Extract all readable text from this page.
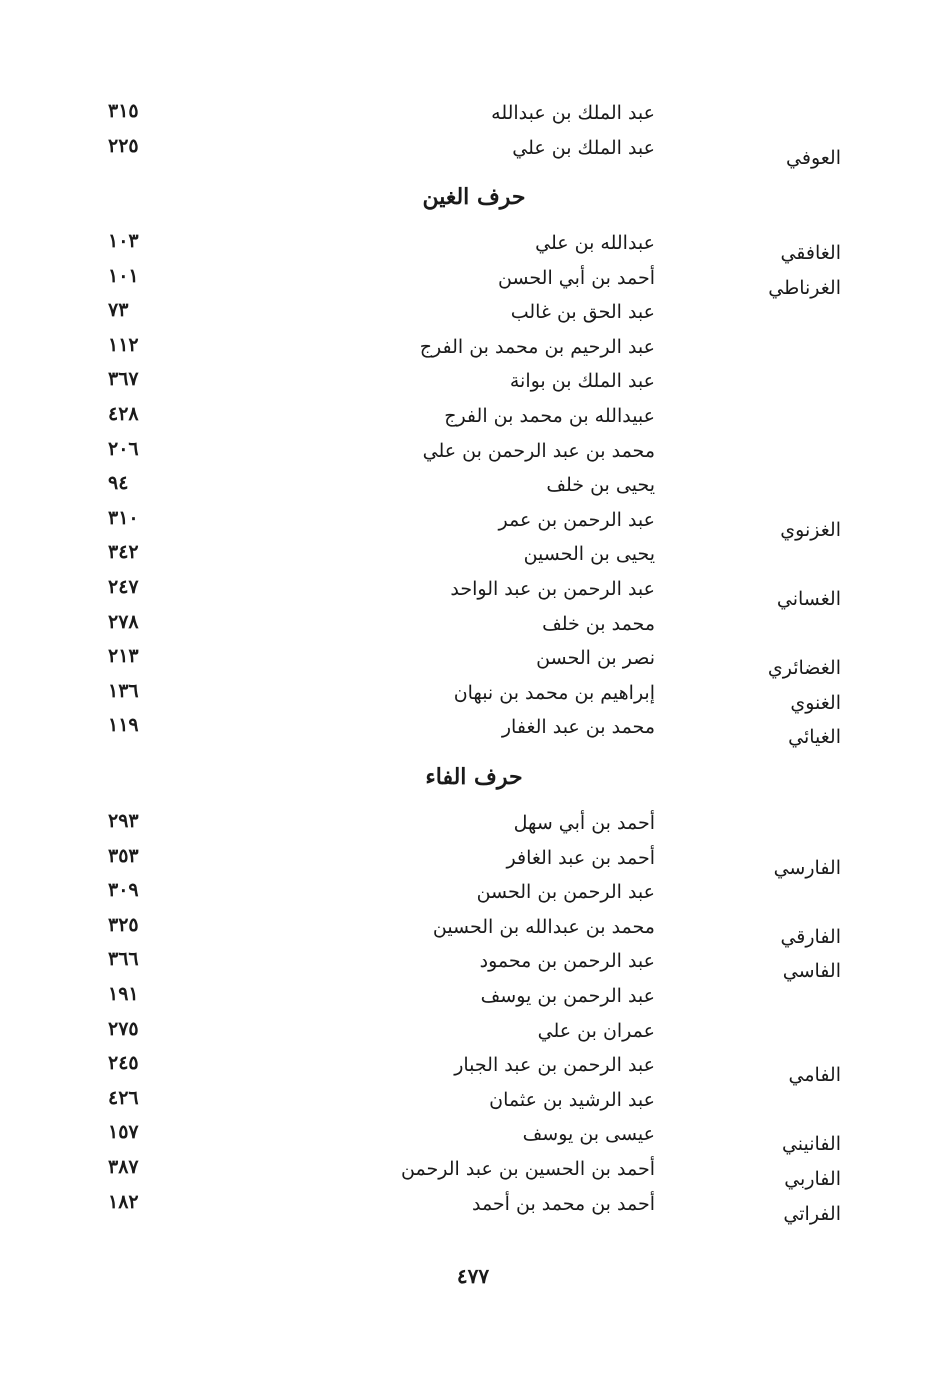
عبد الملك بن عبدالله
٣١٥
العوفي
عبد الملك بن علي
٢٢٥
حرف الغين
الغافقي
عبدالله بن علي
١٠٣
الغرناطي
أحمد بن أبي الحسن
١٠١
عبد الحق بن غالب
٧٣
عبد الرحيم بن محمد بن الفرج
١١٢
عبد الملك بن بوانة
٣٦٧
عبيدالله بن محمد بن الفرج
٤٢٨
محمد بن عبد الرحمن بن علي
٢٠٦
يحيى بن خلف
٩٤
الغزنوي
عبد الرحمن بن عمر
٣١٠
يحيى بن الحسين
٣٤٢
الغساني
عبد الرحمن بن عبد الواحد
٢٤٧
محمد بن خلف
٢٧٨
الغضائري
نصر بن الحسن
٢١٣
الغنوي
إبراهيم بن محمد بن نبهان
١٣٦
الغيائي
محمد بن عبد الغفار
١١٩
حرف الفاء
أحمد بن أبي سهل
٢٩٣
الفارسي
أحمد بن عبد الغافر
٣٥٣
عبد الرحمن بن الحسن
٣٠٩
الفارقي
محمد بن عبدالله بن الحسين
٣٢٥
الفاسي
عبد الرحمن بن محمود
٣٦٦
عبد الرحمن بن يوسف
١٩١
عمران بن علي
٢٧٥
الفامي
عبد الرحمن بن عبد الجبار
٢٤٥
عبد الرشيد بن عثمان
٤٢٦
الفانيني
عيسى بن يوسف
١٥٧
الفاربي
أحمد بن الحسين بن عبد الرحمن
٣٨٧
الفراتي
أحمد بن محمد بن أحمد
١٨٢
٤٧٧
